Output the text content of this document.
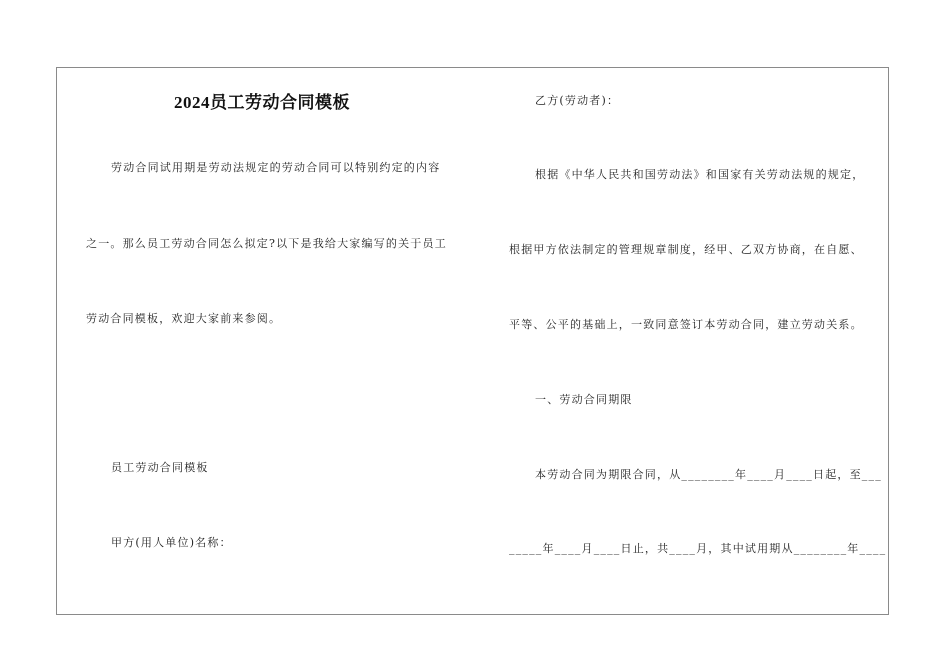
2024员工劳动合同模板
劳动合同试用期是劳动法规定的劳动合同可以特别约定的内容
之一。那么员工劳动合同怎么拟定?以下是我给大家编写的关于员工
劳动合同模板，欢迎大家前来参阅。
员工劳动合同模板
甲方(用人单位)名称：
乙方(劳动者)：
根据《中华人民共和国劳动法》和国家有关劳动法规的规定，
根据甲方依法制定的管理规章制度，经甲、乙双方协商，在自愿、
平等、公平的基础上，一致同意签订本劳动合同，建立劳动关系。
一、劳动合同期限
本劳动合同为期限合同，从________年____月____日起，至___
_____年____月____日止，共____月，其中试用期从________年____
